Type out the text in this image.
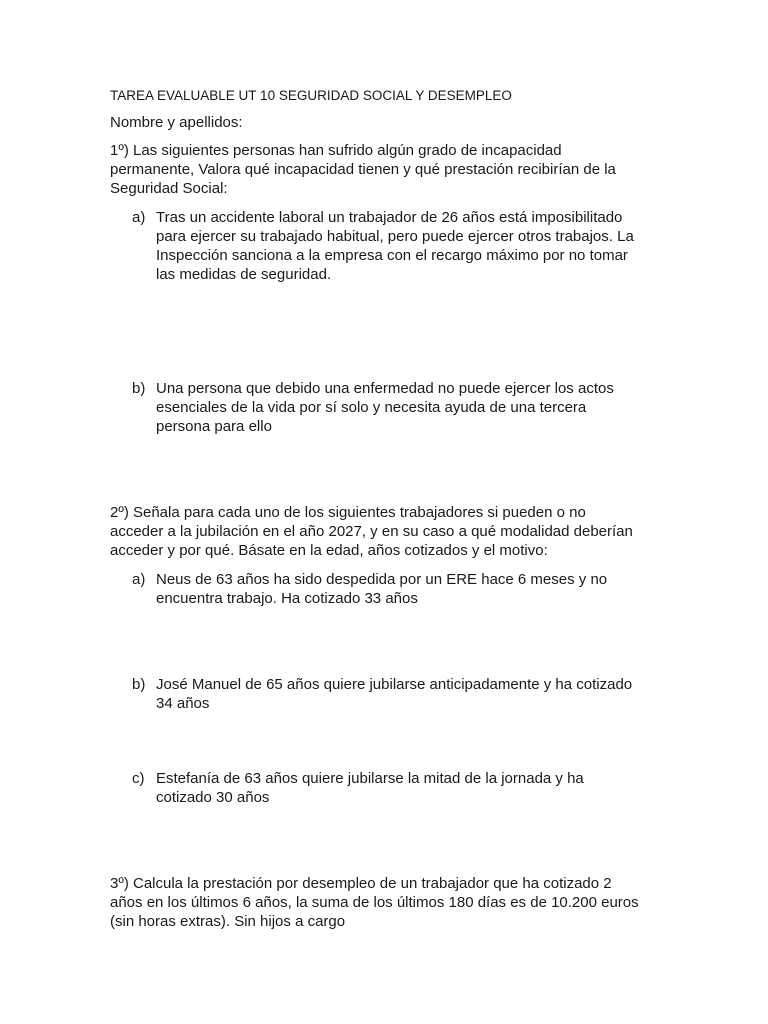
TAREA EVALUABLE UT 10 SEGURIDAD SOCIAL Y DESEMPLEO
Nombre y apellidos:
1º) Las siguientes personas han sufrido algún grado de incapacidad
permanente, Valora qué incapacidad tienen y qué prestación recibirían de la
Seguridad Social:
a) Tras un accidente laboral un trabajador de 26 años está imposibilitado
para ejercer su trabajado habitual, pero puede ejercer otros trabajos. La
Inspección sanciona a la empresa con el recargo máximo por no tomar
las medidas de seguridad.
b) Una persona que debido una enfermedad no puede ejercer los actos
esenciales de la vida por sí solo y necesita ayuda de una tercera
persona para ello
2º) Señala para cada uno de los siguientes trabajadores si pueden o no
acceder a la jubilación en el año 2027, y en su caso a qué modalidad deberían
acceder y por qué. Básate en la edad, años cotizados y el motivo:
a) Neus de 63 años ha sido despedida por un ERE hace 6 meses y no
encuentra trabajo. Ha cotizado 33 años
b) José Manuel de 65 años quiere jubilarse anticipadamente y ha cotizado
34 años
c) Estefanía de 63 años quiere jubilarse la mitad de la jornada y ha
cotizado 30 años
3º) Calcula la prestación por desempleo de un trabajador que ha cotizado 2
años en los últimos 6 años, la suma de los últimos 180 días es de 10.200 euros
(sin horas extras). Sin hijos a cargo
